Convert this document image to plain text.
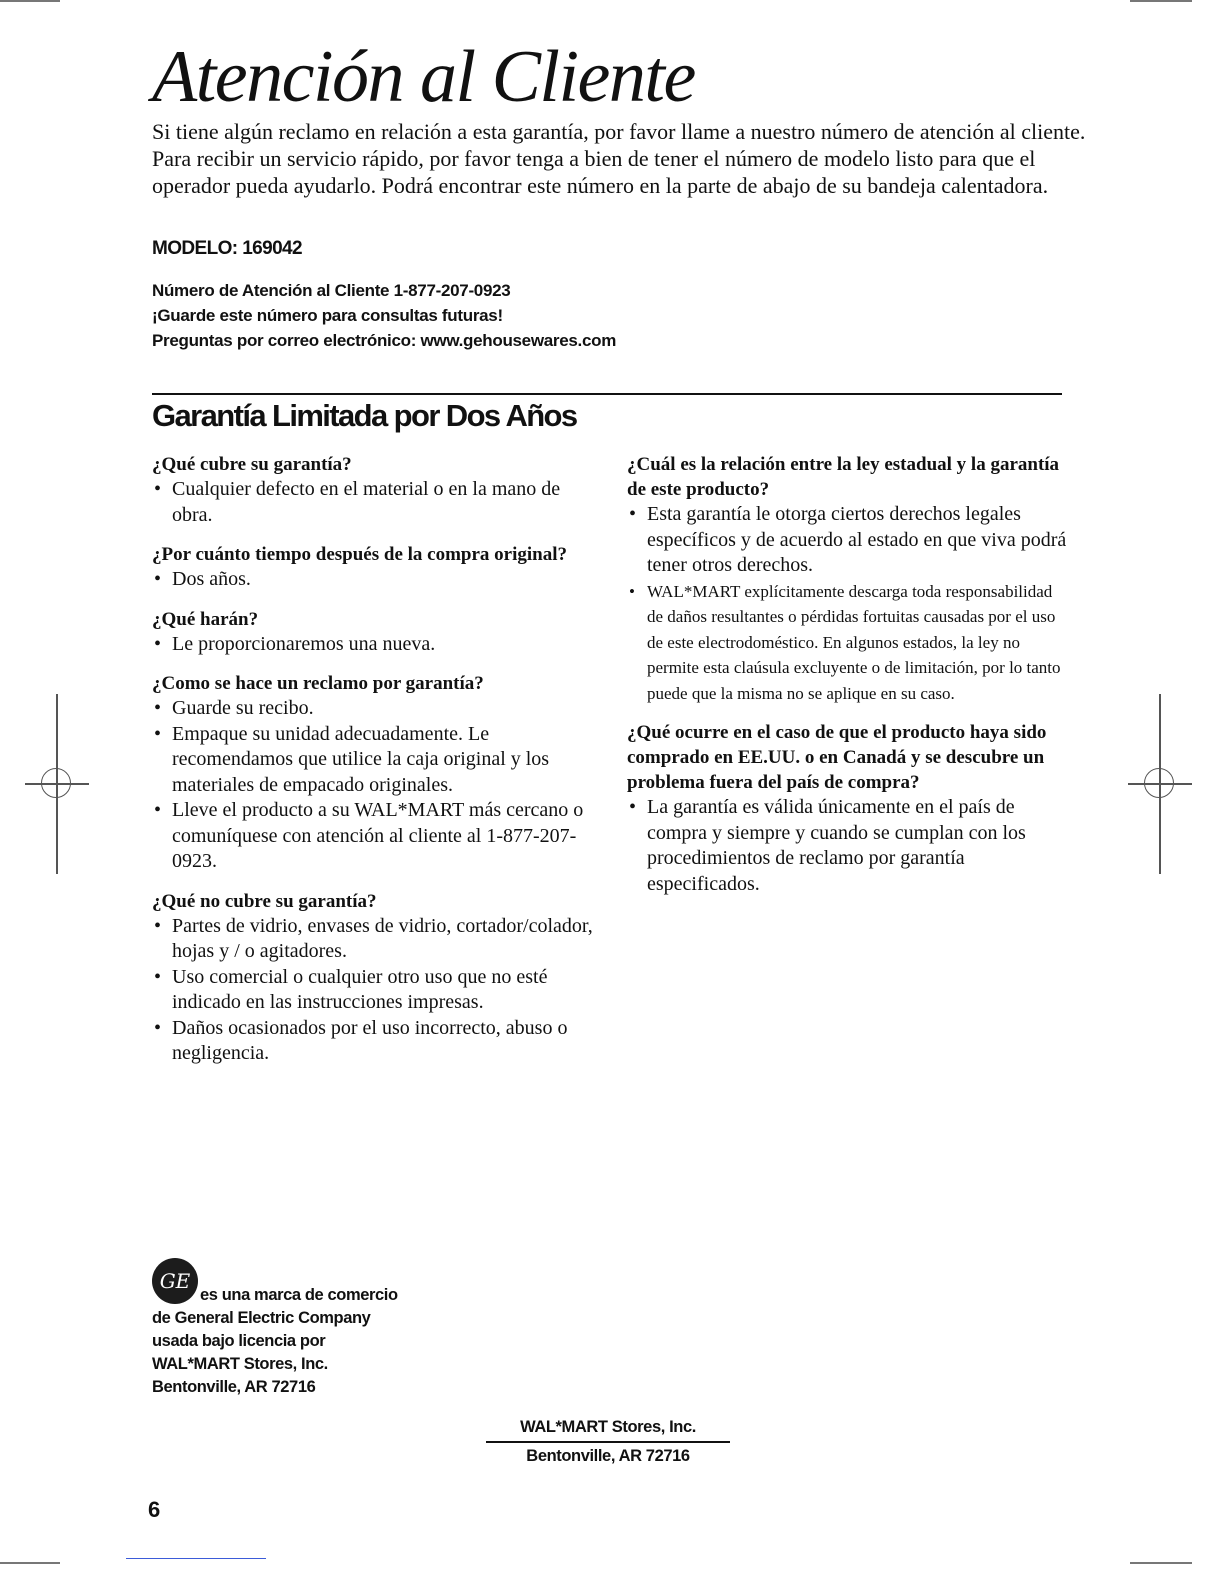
Atención al Cliente

Si tiene algún reclamo en relación a esta garantía, por favor llame a nuestro número de atención al cliente. Para recibir un servicio rápido, por favor tenga a bien de tener el número de modelo listo para que el operador pueda ayudarlo. Podrá encontrar este número en la parte de abajo de su bandeja calentadora.

MODELO: 169042

Número de Atención al Cliente 1-877-207-0923
¡Guarde este número para consultas futuras!
Preguntas por correo electrónico: www.gehousewares.com
Garantía Limitada por Dos Años

¿Qué cubre su garantía?

• Cualquier defecto en el material o en la mano de obra.

¿Por cuánto tiempo después de la compra original?

• Dos años.

¿Qué harán?

• Le proporcionaremos una nueva.

¿Como se hace un reclamo por garantía?

• Guarde su recibo.
• Empaque su unidad adecuadamente. Le recomendamos que utilice la caja original y los materiales de empacado originales.
• Lleve el producto a su WAL*MART más cercano o comuníquese con atención al cliente al 1-877-207-0923.

¿Qué no cubre su garantía?

• Partes de vidrio, envases de vidrio, cortador/colador, hojas y / o agitadores.
• Uso comercial o cualquier otro uso que no esté indicado en las instrucciones impresas.
• Daños ocasionados por el uso incorrecto, abuso o negligencia.

¿Cuál es la relación entre la ley estadual y la garantía de este producto?

• Esta garantía le otorga ciertos derechos legales específicos y de acuerdo al estado en que viva podrá tener otros derechos.
• WAL*MART explícitamente descarga toda responsabilidad de daños resultantes o pérdidas fortuitas causadas por el uso de este electrodoméstico. En algunos estados, la ley no permite esta claúsula excluyente o de limitación, por lo tanto puede que la misma no se aplique en su caso.

¿Qué ocurre en el caso de que el producto haya sido comprado en EE.UU. o en Canadá y se descubre un problema fuera del país de compra?

• La garantía es válida únicamente en el país de compra y siempre y cuando se cumplan con los procedimientos de reclamo por garantía especificados.
GE
es una marca de comercio
de General Electric Company
usada bajo licencia por
WAL*MART Stores, Inc.
Bentonville, AR 72716
WAL*MART Stores, Inc.
Bentonville, AR 72716

6
